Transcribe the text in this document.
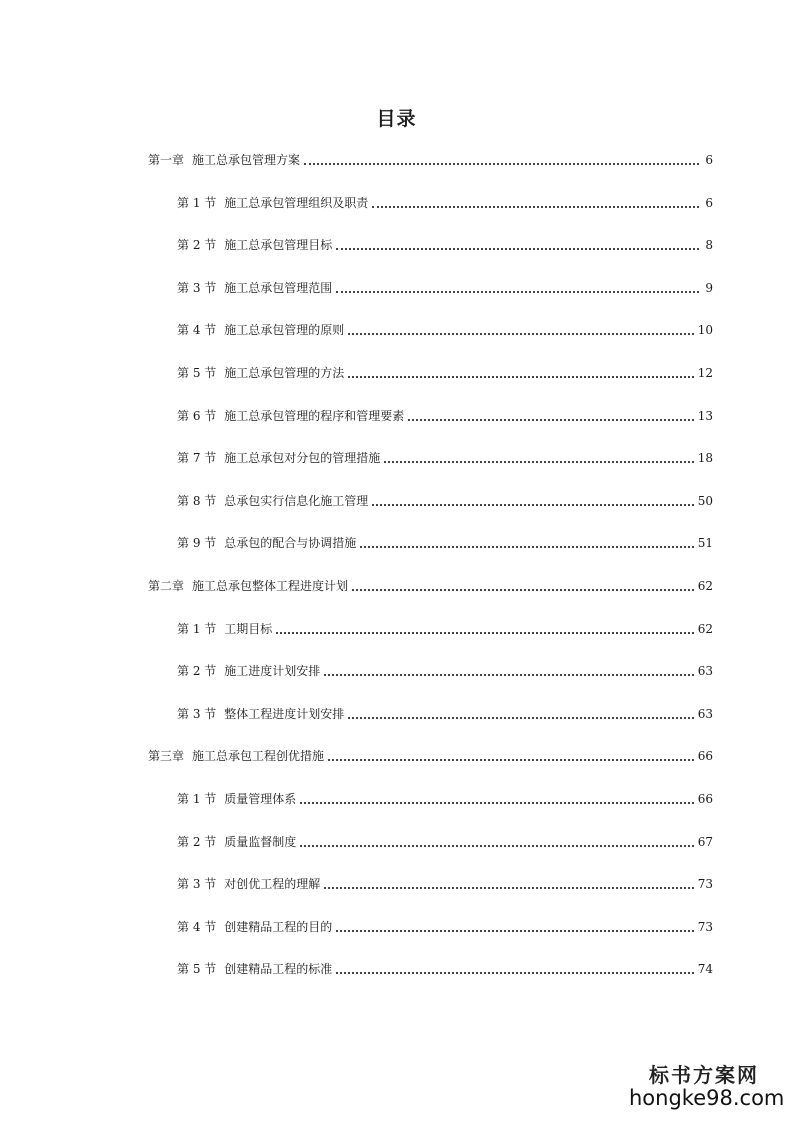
目录
第一章 施工总承包管理方案	6
第 1 节 施工总承包管理组织及职责	6
第 2 节 施工总承包管理目标	8
第 3 节 施工总承包管理范围	9
第 4 节 施工总承包管理的原则	10
第 5 节 施工总承包管理的方法	12
第 6 节 施工总承包管理的程序和管理要素	13
第 7 节 施工总承包对分包的管理措施	18
第 8 节 总承包实行信息化施工管理	50
第 9 节 总承包的配合与协调措施	51
第二章 施工总承包整体工程进度计划	62
第 1 节 工期目标	62
第 2 节 施工进度计划安排	63
第 3 节 整体工程进度计划安排	63
第三章 施工总承包工程创优措施	66
第 1 节 质量管理体系	66
第 2 节 质量监督制度	67
第 3 节 对创优工程的理解	73
第 4 节 创建精品工程的目的	73
第 5 节 创建精品工程的标准	74
标书方案网
hongke98.com
